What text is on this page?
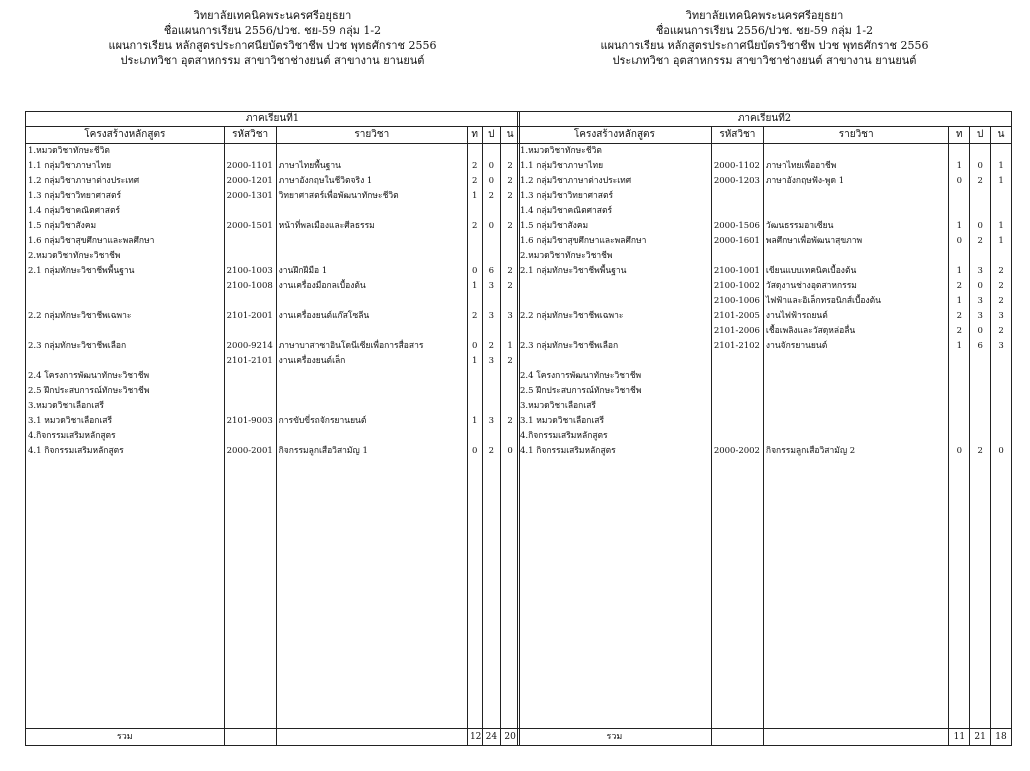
วิทยาลัยเทคนิคพระนครศรีอยุธยา
ชื่อแผนการเรียน 2556/ปวช. ชย-59 กลุ่ม 1-2
แผนการเรียน หลักสูตรประกาศนียบัตรวิชาชีพ ปวช พุทธศักราช 2556
ประเภทวิชา อุตสาหกรรม สาขาวิชาช่างยนต์ สาขางาน ยานยนต์
ภาคเรียนที่1					
โครงสร้างหลักสูตร	รหัสวิชา	รายวิชา	ท	ป	น
1.หมวดวิชาทักษะชีวิต					
1.1 กลุ่มวิชาภาษาไทย	2000-1101	ภาษาไทยพื้นฐาน	2	0	2
1.2 กลุ่มวิชาภาษาต่างประเทศ	2000-1201	ภาษาอังกฤษในชีวิตจริง 1	2	0	2
1.3 กลุ่มวิชาวิทยาศาสตร์	2000-1301	วิทยาศาสตร์เพื่อพัฒนาทักษะชีวิต	1	2	2
1.4 กลุ่มวิชาคณิตศาสตร์					
1.5 กลุ่มวิชาสังคม	2000-1501	หน้าที่พลเมืองและศีลธรรม	2	0	2
1.6 กลุ่มวิชาสุขศึกษาและพลศึกษา					
2.หมวดวิชาทักษะวิชาชีพ					
2.1 กลุ่มทักษะวิชาชีพพื้นฐาน	2100-1003	งานฝึกฝีมือ 1	0	6	2
	2100-1008	งานเครื่องมือกลเบื้องต้น	1	3	2

2.2 กลุ่มทักษะวิชาชีพเฉพาะ	2101-2001	งานเครื่องยนต์แก๊สโซลีน	2	3	3

2.3 กลุ่มทักษะวิชาชีพเลือก	2000-9214	ภาษาบาสาซาอินโดนีเซียเพื่อการสื่อสาร	0	2	1
	2101-2101	งานเครื่องยนต์เล็ก	1	3	2
2.4 โครงการพัฒนาทักษะวิชาชีพ					
2.5 ฝึกประสบการณ์ทักษะวิชาชีพ					
3.หมวดวิชาเลือกเสรี					
3.1 หมวดวิชาเลือกเสรี	2101-9003	การขับขี่รถจักรยานยนต์	1	3	2
4.กิจกรรมเสริมหลักสูตร					
4.1 กิจกรรมเสริมหลักสูตร	2000-2001	กิจกรรมลูกเสือวิสามัญ 1	0	2	0

รวม			12	24	20
วิทยาลัยเทคนิคพระนครศรีอยุธยา
ชื่อแผนการเรียน 2556/ปวช. ชย-59 กลุ่ม 1-2
แผนการเรียน หลักสูตรประกาศนียบัตรวิชาชีพ ปวช พุทธศักราช 2556
ประเภทวิชา อุตสาหกรรม สาขาวิชาช่างยนต์ สาขางาน ยานยนต์
ภาคเรียนที่2					
โครงสร้างหลักสูตร	รหัสวิชา	รายวิชา	ท	ป	น
1.หมวดวิชาทักษะชีวิต					
1.1 กลุ่มวิชาภาษาไทย	2000-1102	ภาษาไทยเพื่ออาชีพ	1	0	1
1.2 กลุ่มวิชาภาษาต่างประเทศ	2000-1203	ภาษาอังกฤษฟัง-พูด 1	0	2	1
1.3 กลุ่มวิชาวิทยาศาสตร์					
1.4 กลุ่มวิชาคณิตศาสตร์					
1.5 กลุ่มวิชาสังคม	2000-1506	วัฒนธรรมอาเซียน	1	0	1
1.6 กลุ่มวิชาสุขศึกษาและพลศึกษา	2000-1601	พลศึกษาเพื่อพัฒนาสุขภาพ	0	2	1
2.หมวดวิชาทักษะวิชาชีพ					
2.1 กลุ่มทักษะวิชาชีพพื้นฐาน	2100-1001	เขียนแบบเทคนิคเบื้องต้น	1	3	2
	2100-1002	วัสดุงานช่างอุตสาหกรรม	2	0	2
	2100-1006	ไฟฟ้าและอิเล็กทรอนิกส์เบื้องต้น	1	3	2
2.2 กลุ่มทักษะวิชาชีพเฉพาะ	2101-2005	งานไฟฟ้ารถยนต์	2	3	3
	2101-2006	เชื้อเพลิงและวัสดุหล่อลื่น	2	0	2
2.3 กลุ่มทักษะวิชาชีพเลือก	2101-2102	งานจักรยานยนต์	1	6	3

2.4 โครงการพัฒนาทักษะวิชาชีพ					
2.5 ฝึกประสบการณ์ทักษะวิชาชีพ					
3.หมวดวิชาเลือกเสรี					
3.1 หมวดวิชาเลือกเสรี					
4.กิจกรรมเสริมหลักสูตร					
4.1 กิจกรรมเสริมหลักสูตร	2000-2002	กิจกรรมลูกเสือวิสามัญ 2	0	2	0

รวม			11	21	18
